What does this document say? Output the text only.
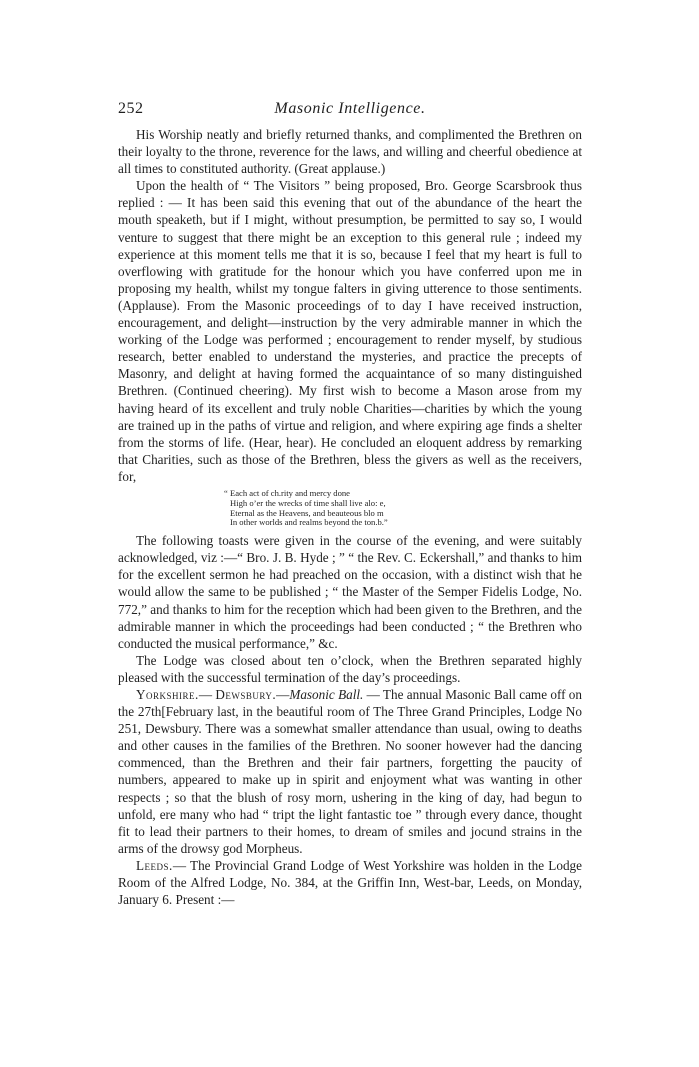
252	Masonic Intelligence.

His Worship neatly and briefly returned thanks, and complimented the Brethren on their loyalty to the throne, reverence for the laws, and willing and cheerful obedience at all times to constituted authority. (Great applause.)

Upon the health of “ The Visitors ” being proposed, Bro. George Scarsbrook thus replied : — It has been said this evening that out of the abundance of the heart the mouth speaketh, but if I might, without presumption, be permitted to say so, I would venture to suggest that there might be an exception to this general rule ; indeed my experience at this moment tells me that it is so, because I feel that my heart is full to overflowing with gratitude for the honour which you have conferred upon me in proposing my health, whilst my tongue falters in giving utterence to those sentiments. (Applause). From the Masonic proceedings of to day I have received instruction, encouragement, and delight—instruction by the very admirable manner in which the working of the Lodge was performed ; encouragement to render myself, by studious research, better enabled to understand the mysteries, and practice the precepts of Masonry, and delight at having formed the acquaintance of so many distinguished Brethren. (Continued cheering). My first wish to become a Mason arose from my having heard of its excellent and truly noble Charities—charities by which the young are trained up in the paths of virtue and religion, and where expiring age finds a shelter from the storms of life. (Hear, hear). He concluded an eloquent address by remarking that Charities, such as those of the Brethren, bless the givers as well as the receivers, for,

“ Each act of ch.rity and mercy done
High o’er the wrecks of time shall live alo: e,
Eternal as the Heavens, and beauteous blo m
In other worlds and realms beyond the ton.b.”

The following toasts were given in the course of the evening, and were suitably acknowledged, viz :—“ Bro. J. B. Hyde ; ” “ the Rev. C. Eckershall,” and thanks to him for the excellent sermon he had preached on the occasion, with a distinct wish that he would allow the same to be published ; “ the Master of the Semper Fidelis Lodge, No. 772,” and thanks to him for the reception which had been given to the Brethren, and the admirable manner in which the proceedings had been conducted ; “ the Brethren who conducted the musical performance,” &c.

The Lodge was closed about ten o’clock, when the Brethren separated highly pleased with the successful termination of the day’s proceedings.

Yorkshire.— Dewsbury.—Masonic Ball. — The annual Masonic Ball came off on the 27th[February last, in the beautiful room of The Three Grand Principles, Lodge No 251, Dewsbury. There was a somewhat smaller attendance than usual, owing to deaths and other causes in the families of the Brethren. No sooner however had the dancing commenced, than the Brethren and their fair partners, forgetting the paucity of numbers, appeared to make up in spirit and enjoyment what was wanting in other respects ; so that the blush of rosy morn, ushering in the king of day, had begun to unfold, ere many who had “ tript the light fantastic toe ” through every dance, thought fit to lead their partners to their homes, to dream of smiles and jocund strains in the arms of the drowsy god Morpheus.

Leeds.— The Provincial Grand Lodge of West Yorkshire was holden in the Lodge Room of the Alfred Lodge, No. 384, at the Griffin Inn, West-bar, Leeds, on Monday, January 6. Present :—
